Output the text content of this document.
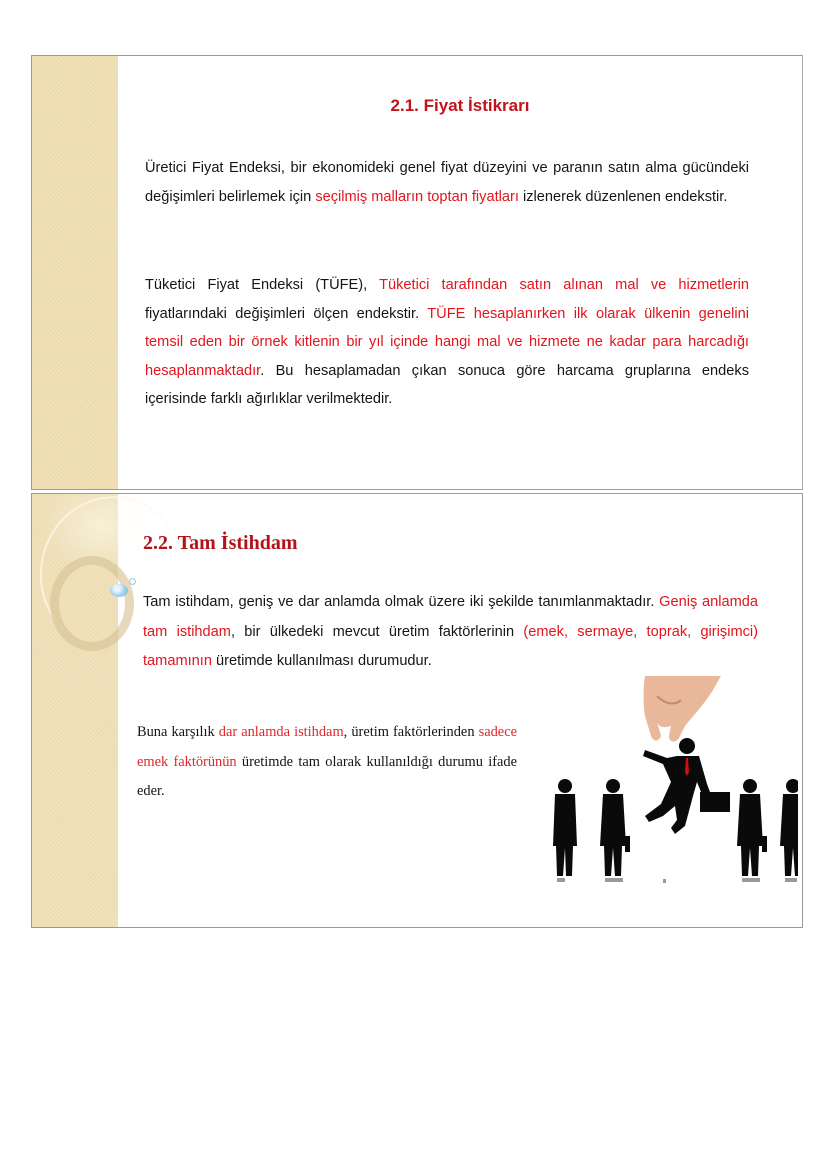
2.1. Fiyat İstikrarı
Üretici Fiyat Endeksi, bir ekonomideki genel fiyat düzeyini ve paranın satın alma gücündeki değişimleri belirlemek için seçilmiş malların toptan fiyatları izlenerek düzenlenen endekstir.
Tüketici Fiyat Endeksi (TÜFE), Tüketici tarafından satın alınan mal ve hizmetlerin fiyatlarındaki değişimleri ölçen endekstir. TÜFE hesaplanırken ilk olarak ülkenin genelini temsil eden bir örnek kitlenin bir yıl içinde hangi mal ve hizmete ne kadar para harcadığı hesaplanmaktadır. Bu hesaplamadan çıkan sonuca göre harcama gruplarına endeks içerisinde farklı ağırlıklar verilmektedir.
2.2. Tam İstihdam
Tam istihdam, geniş ve dar anlamda olmak üzere iki şekilde tanımlanmaktadır. Geniş anlamda tam istihdam, bir ülkedeki mevcut üretim faktörlerinin (emek, sermaye, toprak, girişimci) tamamının üretimde kullanılması durumudur.
Buna karşılık dar anlamda istihdam, üretim faktörlerinden sadece emek faktörünün üretimde tam olarak kullanıldığı durumu ifade eder.
